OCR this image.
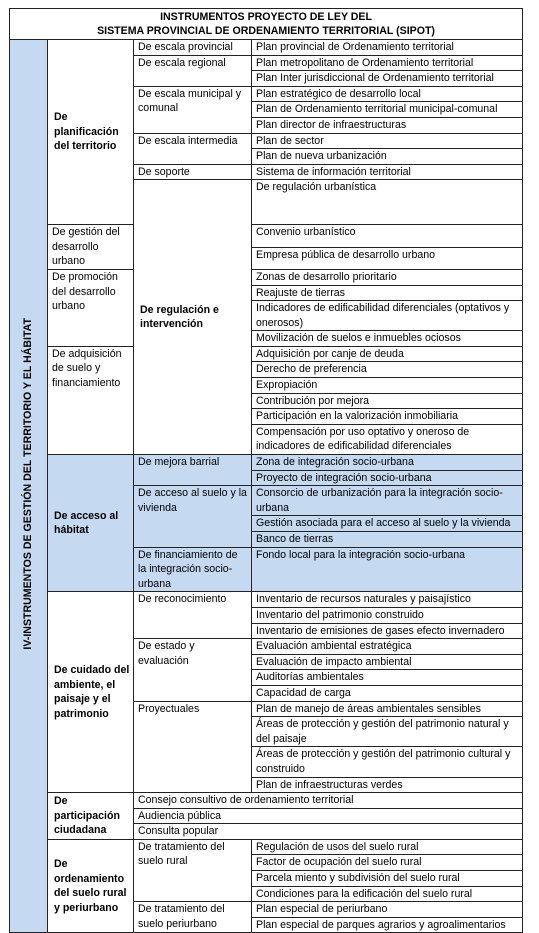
INSTRUMENTOS PROYECTO DE LEY DEL
SISTEMA PROVINCIAL DE ORDENAMIENTO TERRITORIAL (SIPOT)				

IV-INSTRUMENTOS DE GESTIÓN DEL TERRITORIO Y EL HÁBITAT	De planificación del territorio	De escala provincial	Plan provincial de Ordenamiento territorial	
		De escala regional	Plan metropolitano de Ordenamiento territorial	
			Plan Inter jurisdiccional de Ordenamiento territorial	
		De escala municipal y comunal	Plan estratégico de desarrollo local	
			Plan de Ordenamiento territorial municipal-comunal	
			Plan director de infraestructuras	
		De escala intermedia	Plan de sector	
			Plan de nueva urbanización	
		De soporte	Sistema de información territorial	
		De regulación e intervención	De regulación urbanística	
	De gestión del desarrollo urbano		Convenio urbanístico	
			Empresa pública de desarrollo urbano	
	De promoción del desarrollo urbano		Zonas de desarrollo prioritario	
			Reajuste de tierras	
			Indicadores de edificabilidad diferenciales (optativos y onerosos)	
			Movilización de suelos e inmuebles ociosos	
	De adquisición de suelo y financiamiento		Adquisición por canje de deuda	
			Derecho de preferencia	
			Expropiación	
			Contribución por mejora	
			Participación en la valorización inmobiliaria	
			Compensación por uso optativo y oneroso de indicadores de edificabilidad diferenciales	
	De acceso al hábitat	De mejora barrial	Zona de integración socio-urbana	
			Proyecto de integración socio-urbana	
		De acceso al suelo y la vivienda	Consorcio de urbanización para la integración socio-urbana	
			Gestión asociada para el acceso al suelo y la vivienda	
			Banco de tierras	
		De financiamiento de la integración socio-urbana	Fondo local para la integración socio-urbana	
	De cuidado del ambiente, el paisaje y el patrimonio	De reconocimiento	Inventario de recursos naturales y paisajístico	
			Inventario del patrimonio construido	
			Inventario de emisiones de gases efecto invernadero	
		De estado y evaluación	Evaluación ambiental estratégica	
			Evaluación de impacto ambiental	
			Auditorías ambientales	
			Capacidad de carga	
		Proyectuales	Plan de manejo de áreas ambientales sensibles	
			Áreas de protección y gestión del patrimonio natural y del paisaje	
			Áreas de protección y gestión del patrimonio cultural y construido	
			Plan de infraestructuras verdes	
	De participación ciudadana	Consejo consultivo de ordenamiento territorial		
		Audiencia pública		
		Consulta popular		
	De ordenamiento del suelo rural y periurbano	De tratamiento del suelo rural	Regulación de usos del suelo rural	
			Factor de ocupación del suelo rural	
			Parcela miento y subdivisión del suelo rural	
			Condiciones para la edificación del suelo rural	
		De tratamiento del suelo periurbano	Plan especial de periurbano	
			Plan especial de parques agrarios y agroalimentarios	
